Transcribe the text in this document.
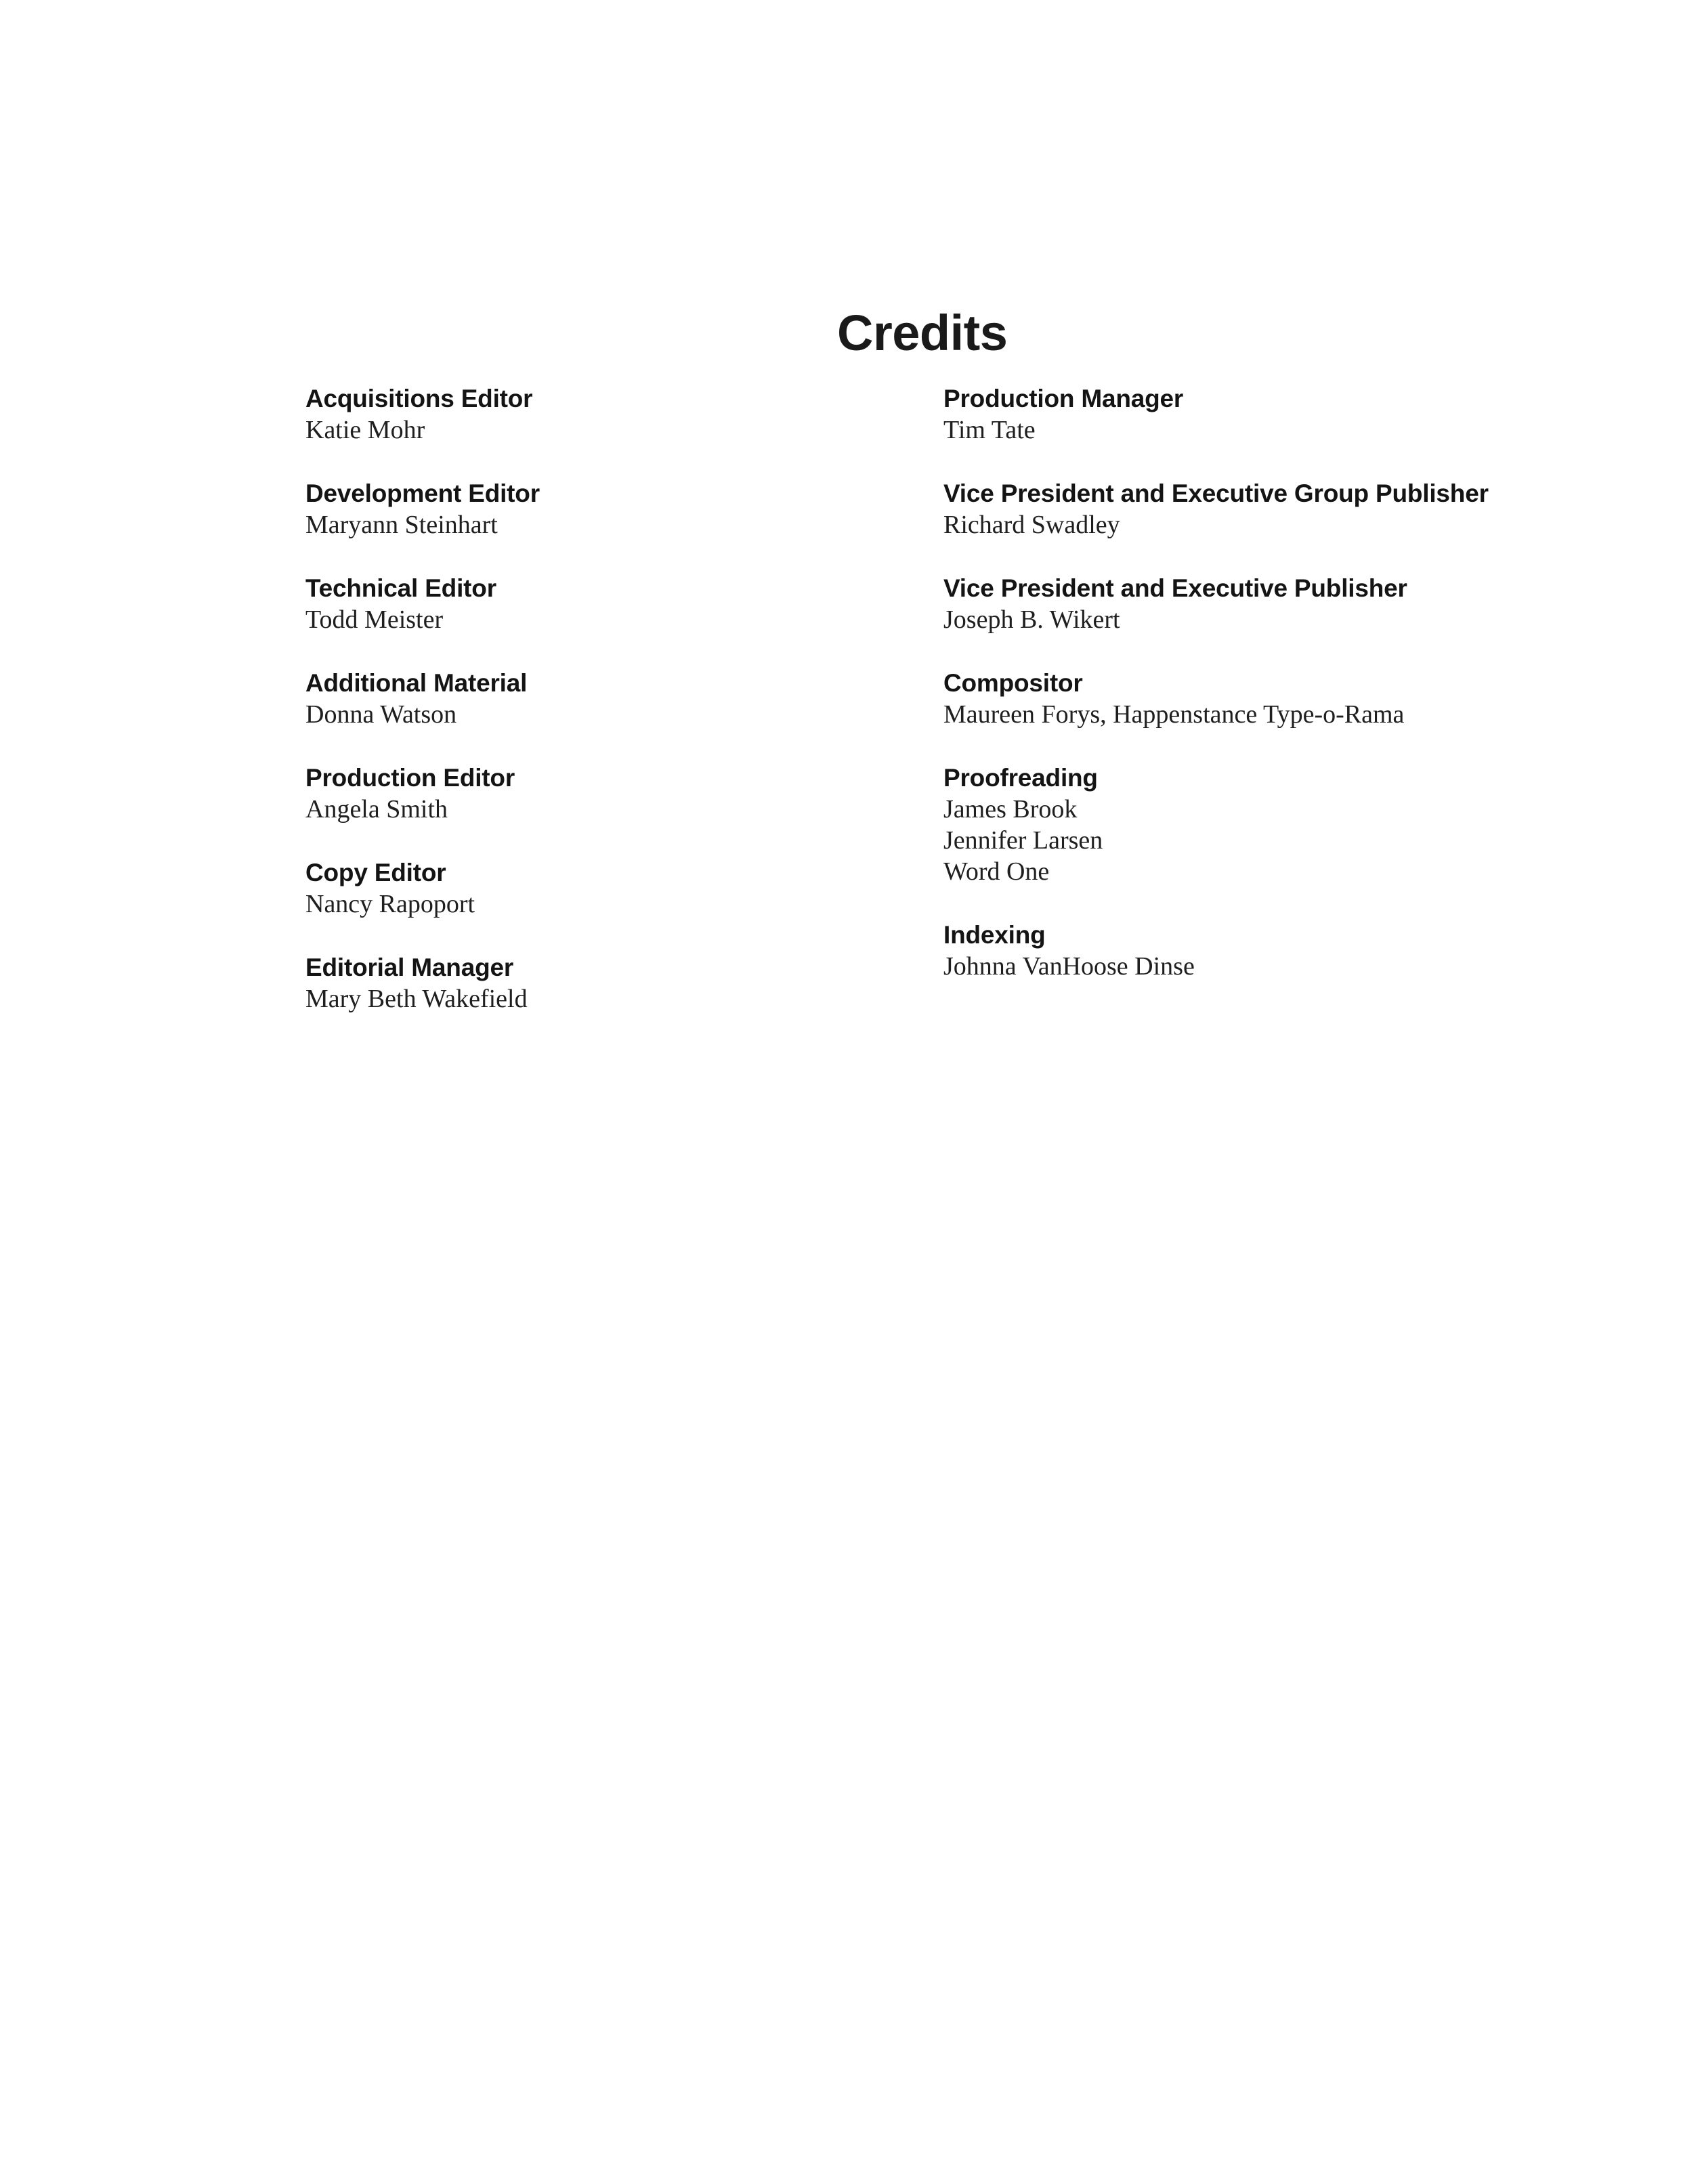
Credits
Acquisitions Editor
Katie Mohr
Development Editor
Maryann Steinhart
Technical Editor
Todd Meister
Additional Material
Donna Watson
Production Editor
Angela Smith
Copy Editor
Nancy Rapoport
Editorial Manager
Mary Beth Wakefield
Production Manager
Tim Tate
Vice President and Executive Group Publisher
Richard Swadley
Vice President and Executive Publisher
Joseph B. Wikert
Compositor
Maureen Forys, Happenstance Type-o-Rama
Proofreading
James Brook
Jennifer Larsen
Word One
Indexing
Johnna VanHoose Dinse
